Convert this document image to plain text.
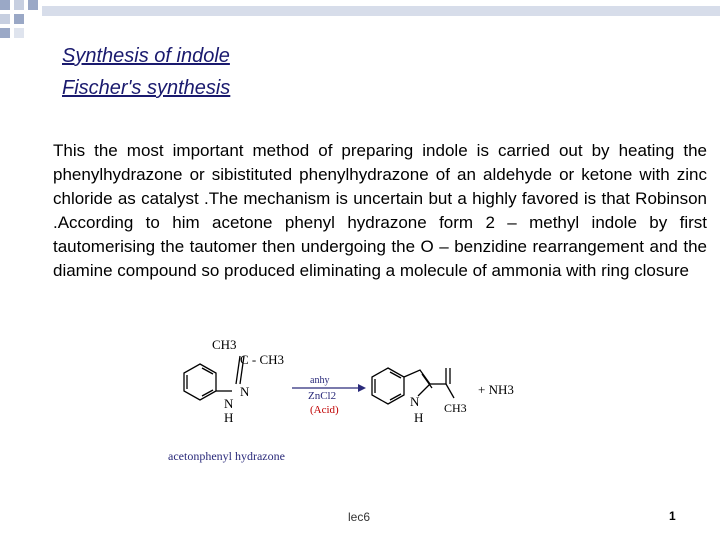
Synthesis of indole
Fischer's synthesis
This the most important method of preparing indole is carried out by heating the phenylhydrazone or sibistituted phenylhydrazone of an aldehyde or ketone with zinc chloride as catalyst .The mechanism is uncertain but a highly favored is that Robinson .According to him acetone phenyl hydrazone form 2 – methyl indole by first tautomerising the tautomer then undergoing the O – benzidine rearrangement and the diamine compound so produced eliminating a molecule of ammonia with ring closure
CH3
C - CH3
N
N
H
anhy
ZnCl2
(Acid)
N
H
CH3
+ NH3
acetonphenyl hydrazone
lec6	1
